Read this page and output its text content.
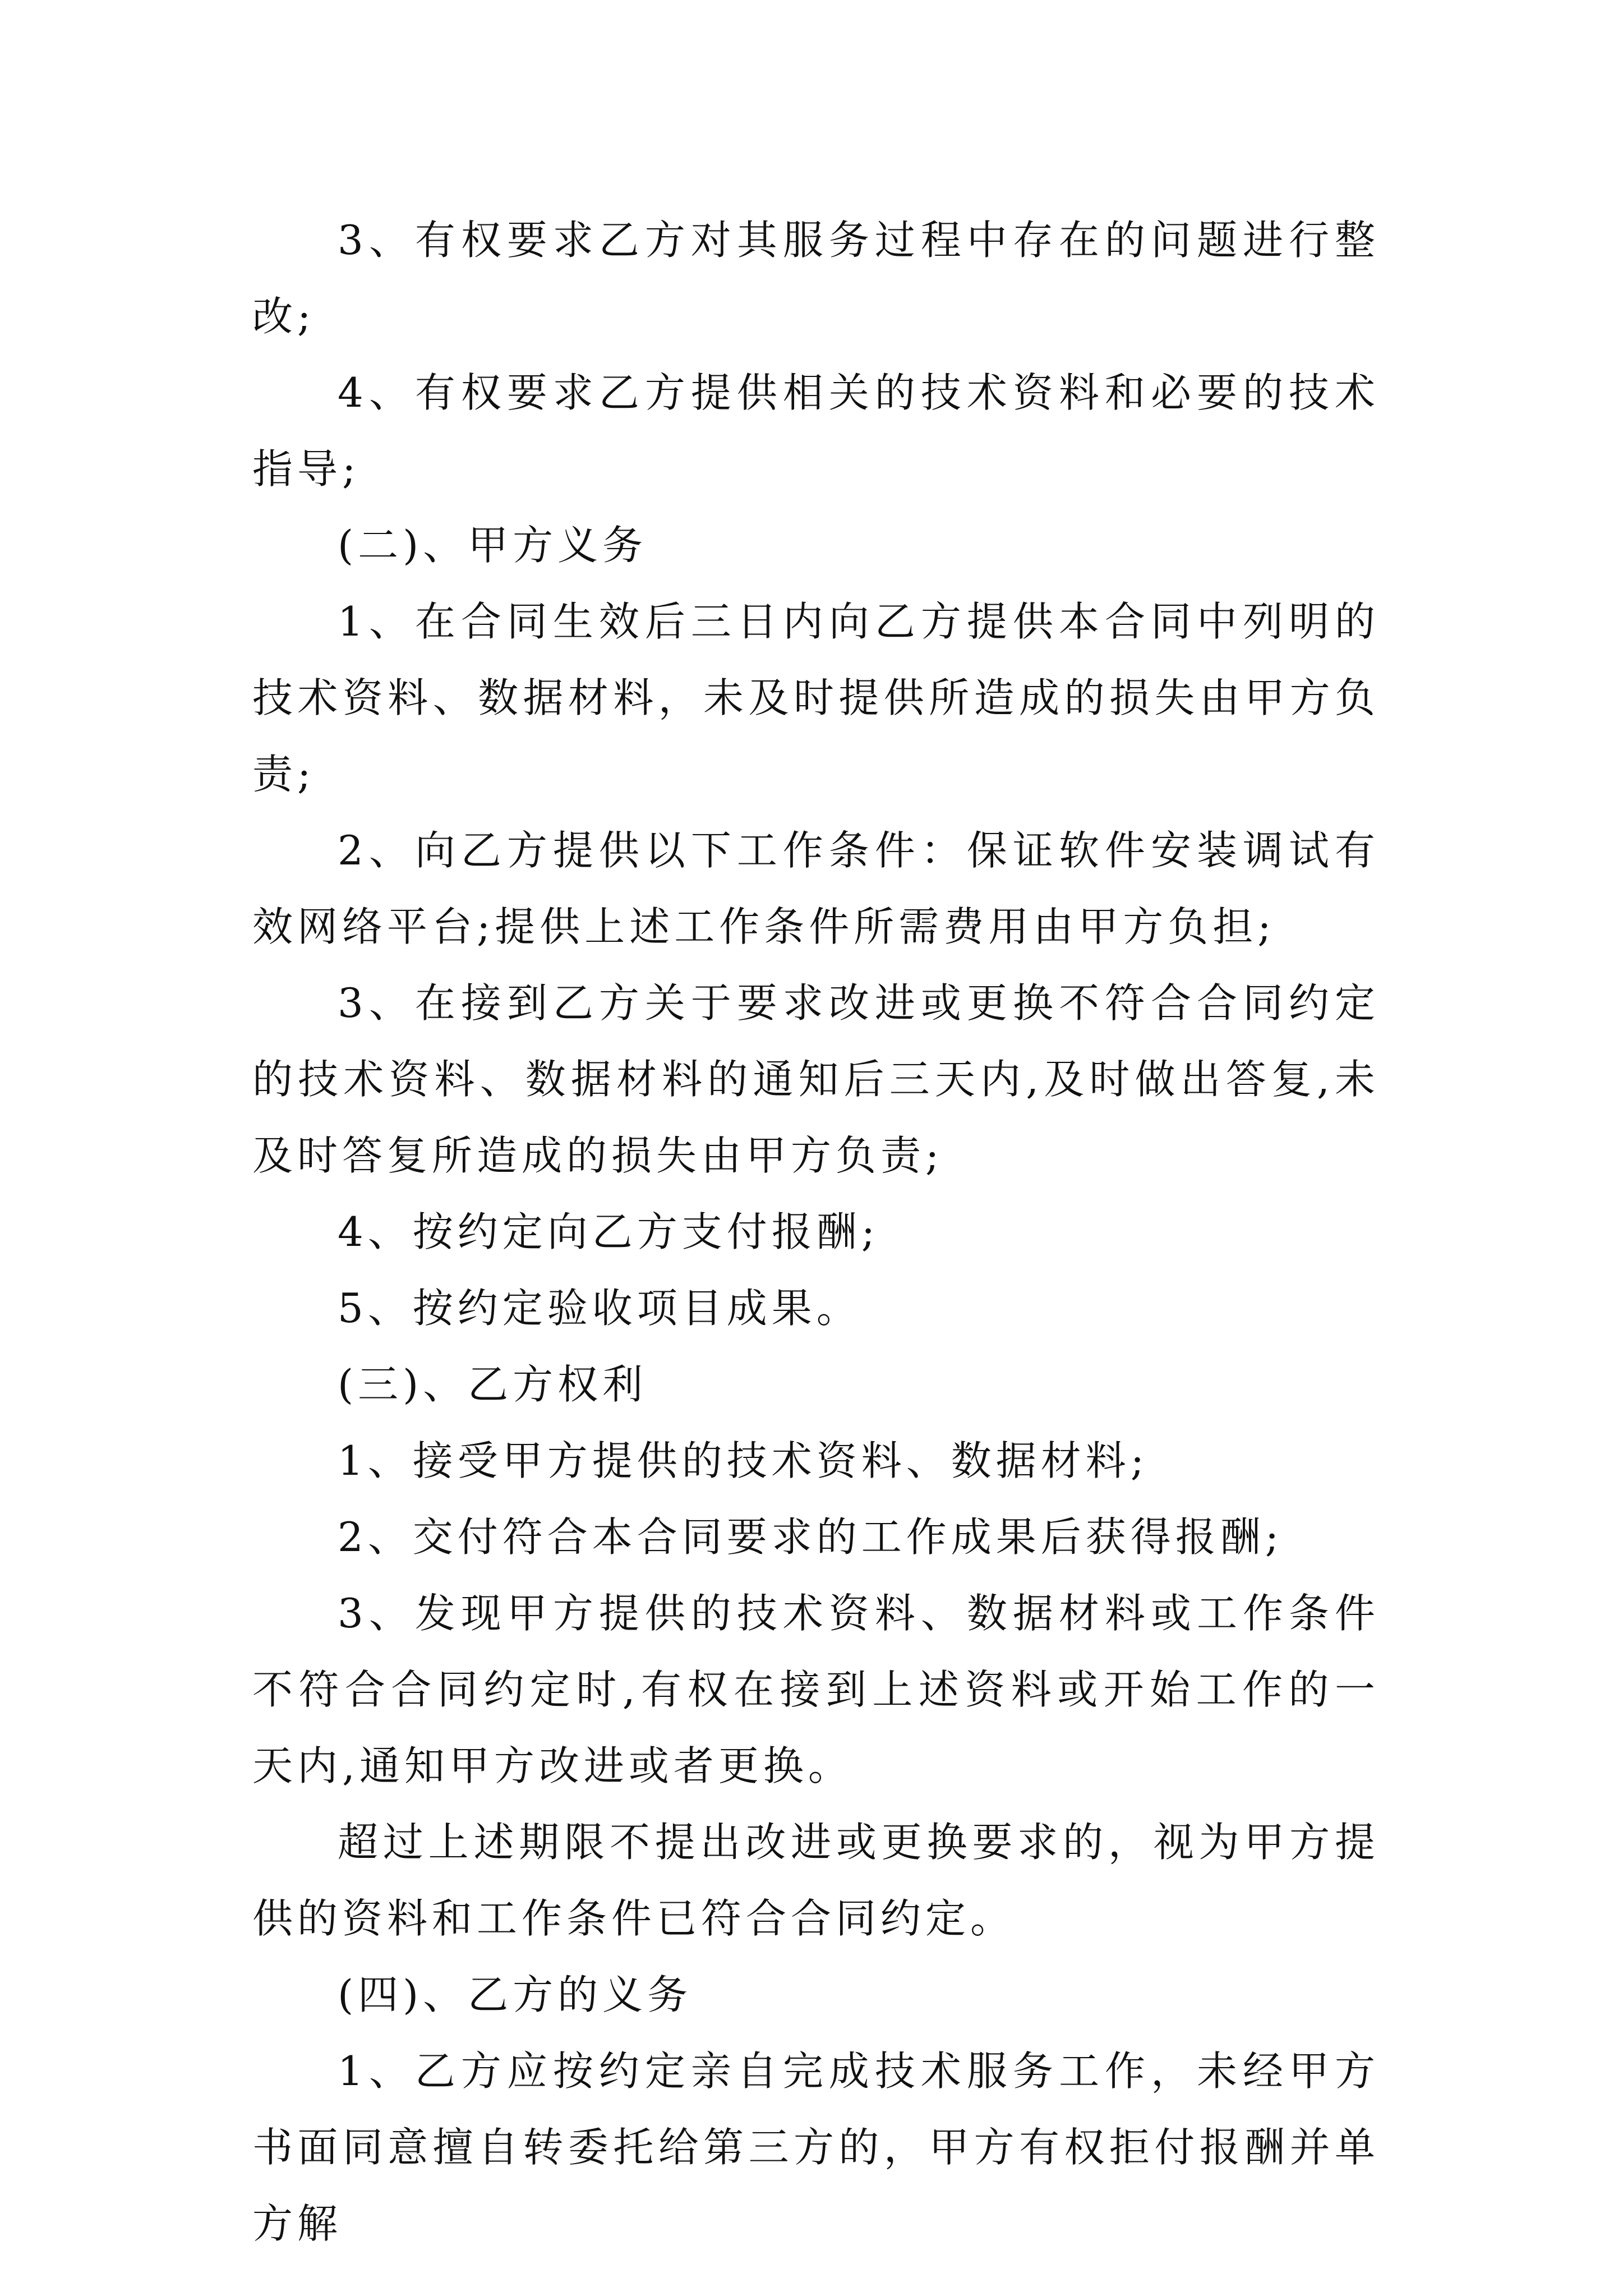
3、有权要求乙方对其服务过程中存在的问题进行整改;

4、有权要求乙方提供相关的技术资料和必要的技术指导;

(二)、甲方义务

1、在合同生效后三日内向乙方提供本合同中列明的技术资料、数据材料，未及时提供所造成的损失由甲方负责;

2、向乙方提供以下工作条件：保证软件安装调试有效网络平台;提供上述工作条件所需费用由甲方负担;

3、在接到乙方关于要求改进或更换不符合合同约定的技术资料、数据材料的通知后三天内,及时做出答复,未及时答复所造成的损失由甲方负责;

4、按约定向乙方支付报酬;

5、按约定验收项目成果。

(三)、乙方权利

1、接受甲方提供的技术资料、数据材料;

2、交付符合本合同要求的工作成果后获得报酬;

3、发现甲方提供的技术资料、数据材料或工作条件不符合合同约定时,有权在接到上述资料或开始工作的一天内,通知甲方改进或者更换。

超过上述期限不提出改进或更换要求的，视为甲方提供的资料和工作条件已符合合同约定。

(四)、乙方的义务

1、乙方应按约定亲自完成技术服务工作，未经甲方书面同意擅自转委托给第三方的，甲方有权拒付报酬并单方解
